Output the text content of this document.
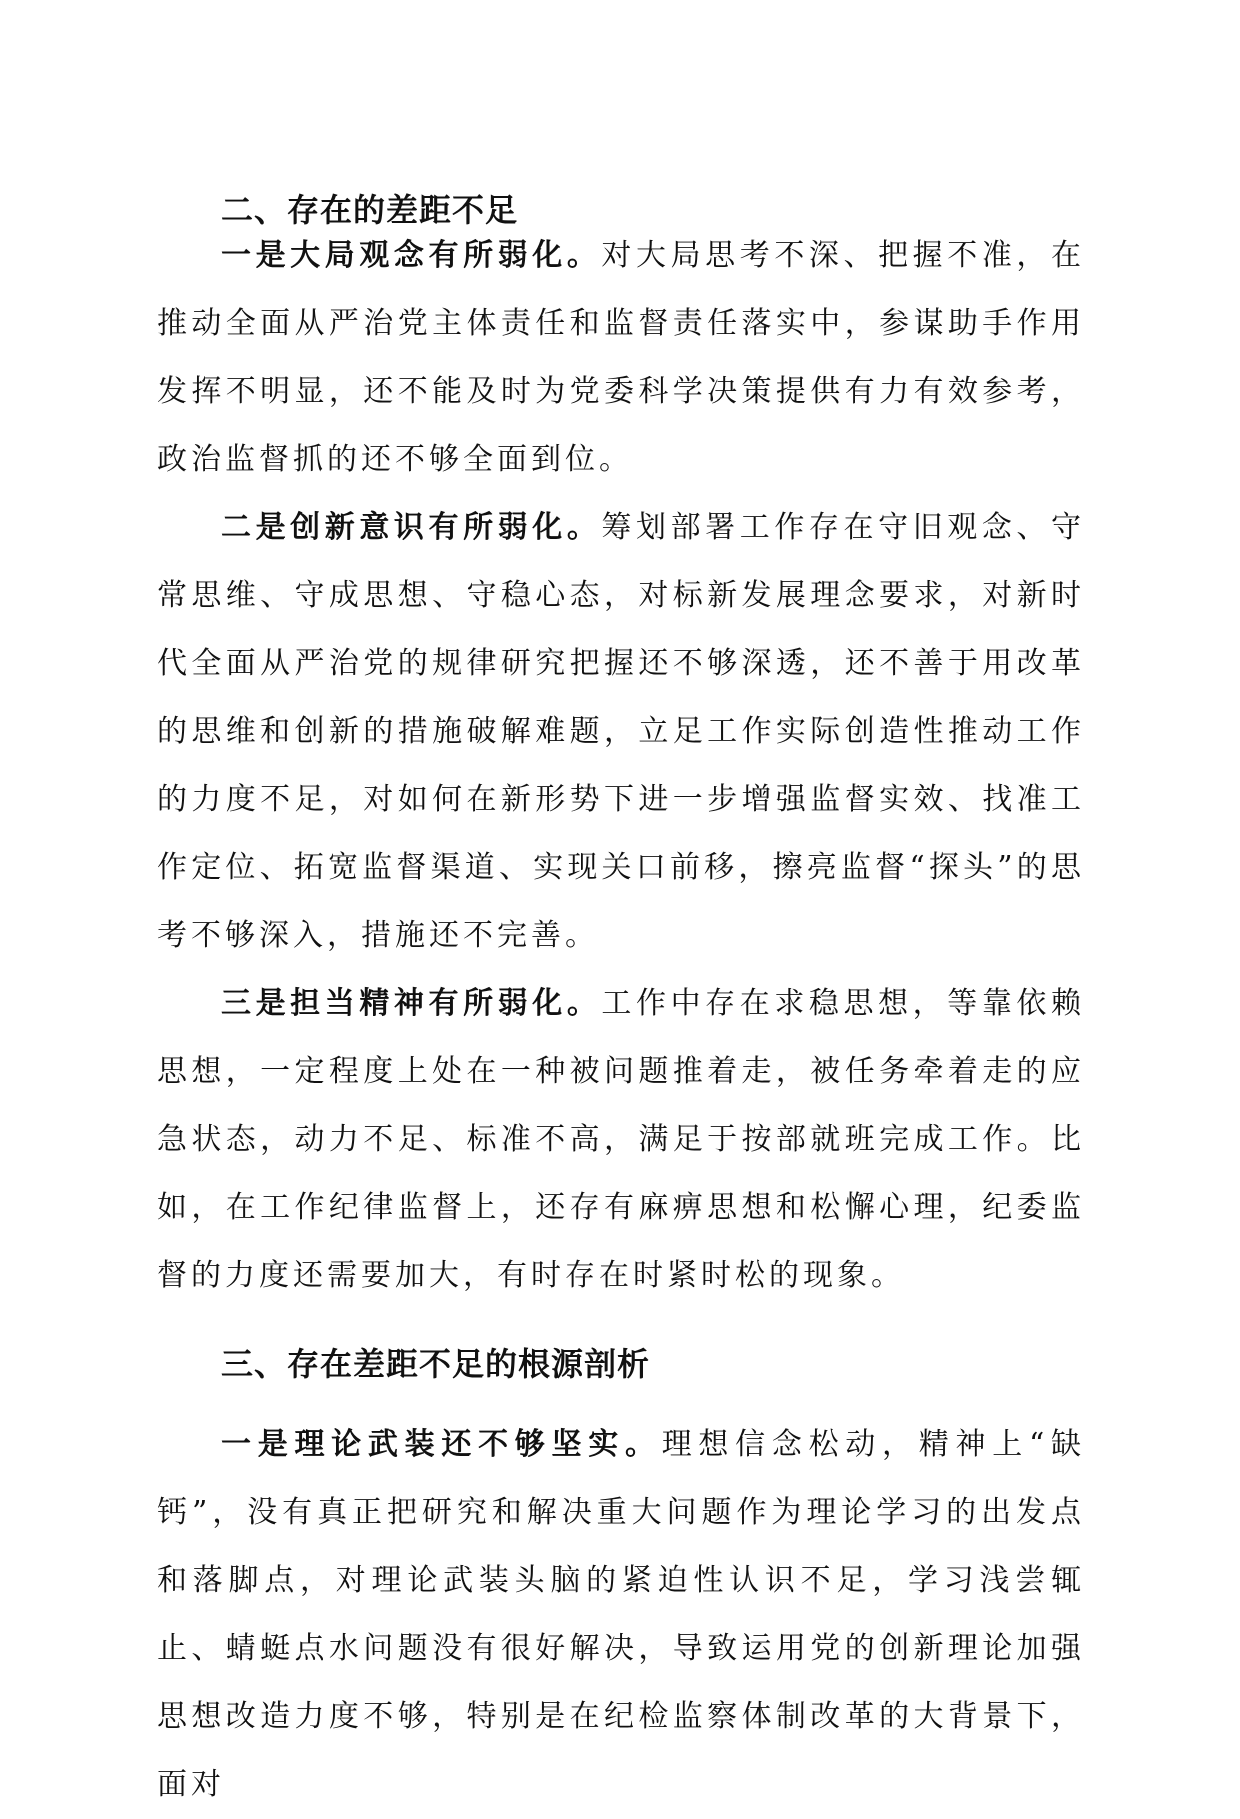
二、存在的差距不足

一是大局观念有所弱化。对大局思考不深、把握不准，在推动全面从严治党主体责任和监督责任落实中，参谋助手作用发挥不明显，还不能及时为党委科学决策提供有力有效参考，政治监督抓的还不够全面到位。

二是创新意识有所弱化。筹划部署工作存在守旧观念、守常思维、守成思想、守稳心态，对标新发展理念要求，对新时代全面从严治党的规律研究把握还不够深透，还不善于用改革的思维和创新的措施破解难题，立足工作实际创造性推动工作的力度不足，对如何在新形势下进一步增强监督实效、找准工作定位、拓宽监督渠道、实现关口前移，擦亮监督“探头”的思考不够深入，措施还不完善。

三是担当精神有所弱化。工作中存在求稳思想，等靠依赖思想，一定程度上处在一种被问题推着走，被任务牵着走的应急状态，动力不足、标准不高，满足于按部就班完成工作。比如，在工作纪律监督上，还存有麻痹思想和松懈心理，纪委监督的力度还需要加大，有时存在时紧时松的现象。

三、存在差距不足的根源剖析

一是理论武装还不够坚实。理想信念松动，精神上“缺钙”，没有真正把研究和解决重大问题作为理论学习的出发点和落脚点，对理论武装头脑的紧迫性认识不足，学习浅尝辄止、蜻蜓点水问题没有很好解决，导致运用党的创新理论加强思想改造力度不够，特别是在纪检监察体制改革的大背景下，面对
